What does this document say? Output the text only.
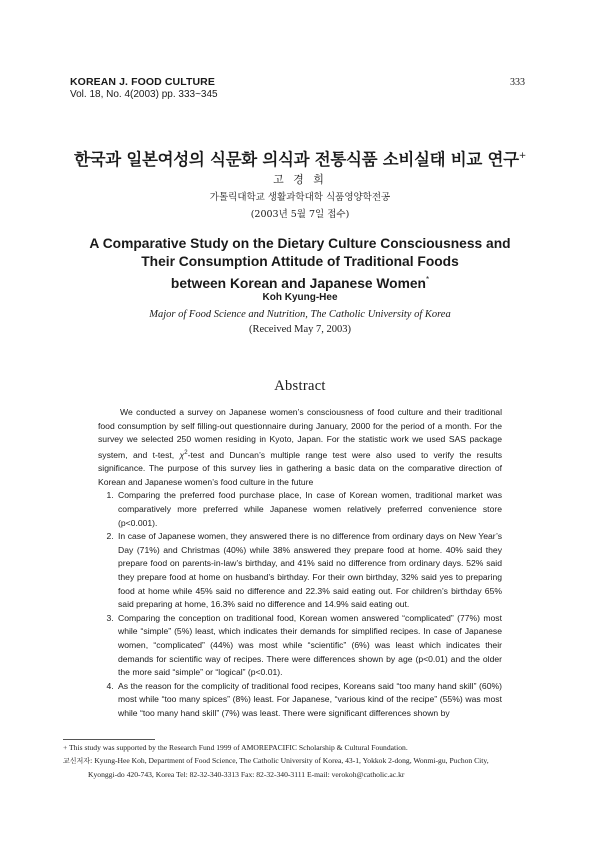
KOREAN J. FOOD CULTURE
Vol. 18, No. 4(2003) pp. 333~345
333
한국과 일본여성의 식문화 의식과 전통식품 소비실태 비교 연구+
고 경 희
가톨릭대학교 생활과학대학 식품영양학전공
(2003년 5월 7일 접수)
A Comparative Study on the Dietary Culture Consciousness and
Their Consumption Attitude of Traditional Foods
between Korean and Japanese Women*
Koh Kyung-Hee
Major of Food Science and Nutrition, The Catholic University of Korea
(Received May 7, 2003)
Abstract

We conducted a survey on Japanese women’s consciousness of food culture and their traditional food consumption by self filling-out questionnaire during January, 2000 for the period of a month. For the survey we selected 250 women residing in Kyoto, Japan. For the statistic work we used SAS package system, and t-test, $\chi^2$-test and Duncan’s multiple range test were also used to verify the results significance. The purpose of this survey lies in gathering a basic data on the comparative direction of Korean and Japanese women’s food culture in the future

1. Comparing the preferred food purchase place, In case of Korean women, traditional market was comparatively more preferred while Japanese women relatively preferred convenience store (p<0.001).
2. In case of Japanese women, they answered there is no difference from ordinary days on New Year’s Day (71%) and Christmas (40%) while 38% answered they prepare food at home. 40% said they prepare food on parents-in-law’s birthday, and 41% said no difference from ordinary days. 52% said they prepare food at home on husband’s birthday. For their own birthday, 32% said yes to preparing food at home while 45% said no difference and 22.3% said eating out. For children’s birthday 65% said preparing at home, 16.3% said no difference and 14.9% said eating out.
3. Comparing the conception on traditional food, Korean women answered “complicated” (77%) most while “simple” (5%) least, which indicates their demands for simplified recipes. In case of Japanese women, “complicated” (44%) was most while “scientific” (6%) was least which indicates their demands for scientific way of recipes. There were differences shown by age (p<0.01) and the older the more said “simple” or “logical” (p<0.01).
4. As the reason for the complicity of traditional food recipes, Koreans said “too many hand skill” (60%) most while “too many spices” (8%) least. For Japanese, “various kind of the recipe” (55%) was most while “too many hand skill” (7%) was least. There were significant differences shown by
+ This study was supported by the Research Fund 1999 of AMOREPACIFIC Scholarship & Cultural Foundation.
교신저자: Kyung-Hee Koh, Department of Food Science, The Catholic University of Korea, 43-1, Yokkok 2-dong, Wonmi-gu, Puchon City,
Kyonggi-do 420-743, Korea Tel: 82-32-340-3313 Fax: 82-32-340-3111 E-mail: verokoh@catholic.ac.kr
